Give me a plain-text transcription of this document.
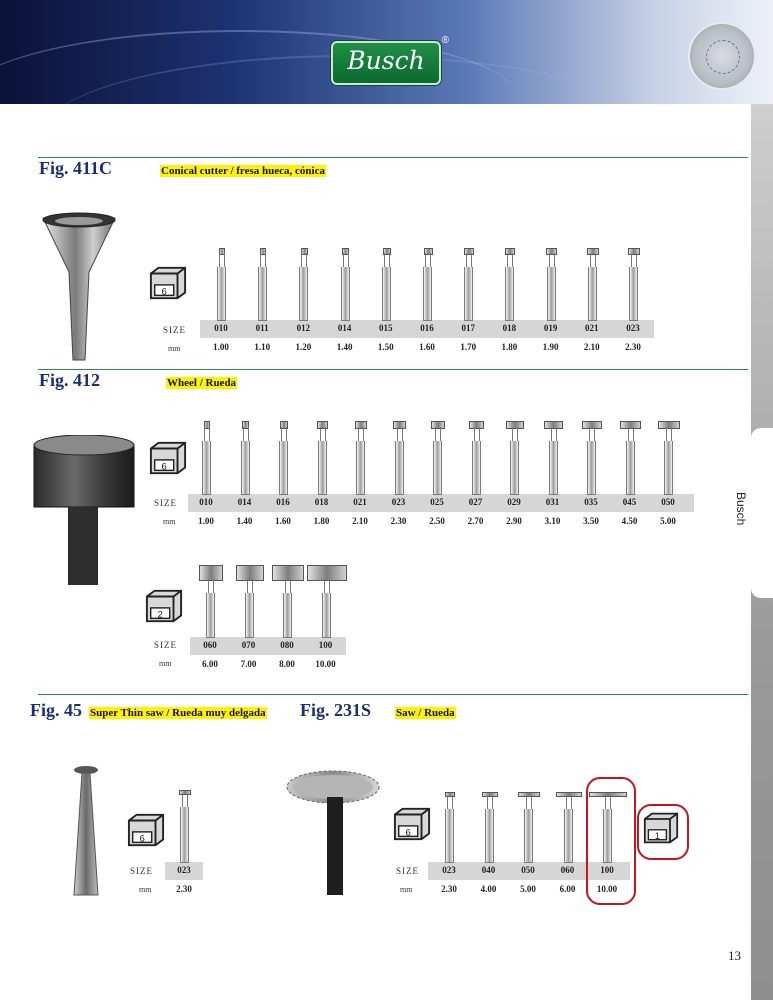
Busch
®
Busch
Fig. 411C	Conical cutter / fresa hueca, cónica
6
SIZE
mm
010
1.00
011
1.10
012
1.20
014
1.40
015
1.50
016
1.60
017
1.70
018
1.80
019
1.90
021
2.10
023
2.30
Fig. 412	Wheel / Rueda
6
SIZE
mm
010
1.00
014
1.40
016
1.60
018
1.80
021
2.10
023
2.30
025
2.50
027
2.70
029
2.90
031
3.10
035
3.50
045
4.50
050
5.00
2
SIZE
mm
060
6.00
070
7.00
080
8.00
100
10.00
Fig. 45 Super Thin saw / Rueda muy delgada Fig. 231S Saw / Rueda
6
SIZE
mm
023
2.30
6
SIZE
mm
023
2.30
040
4.00
050
5.00
060
6.00
100
10.00
1
13
